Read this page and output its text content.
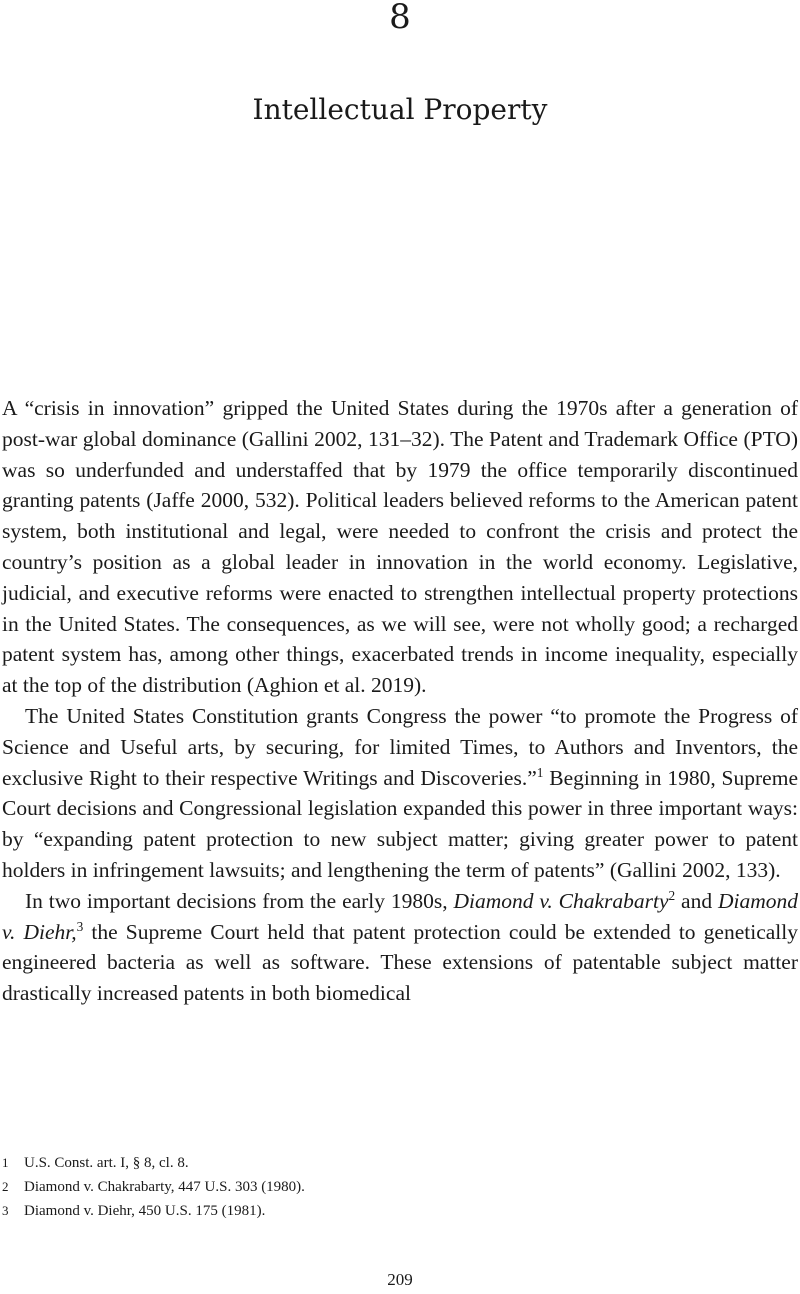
8
Intellectual Property

A “crisis in innovation” gripped the United States during the 1970s after a generation of post-war global dominance (Gallini 2002, 131–32). The Patent and Trademark Office (PTO) was so underfunded and understaffed that by 1979 the office temporarily discontinued granting patents (Jaffe 2000, 532). Political leaders believed reforms to the American patent system, both institutional and legal, were needed to confront the crisis and protect the country’s position as a global leader in innovation in the world economy. Legislative, judicial, and executive reforms were enacted to strengthen intellectual property protections in the United States. The consequences, as we will see, were not wholly good; a recharged patent system has, among other things, exacerbated trends in income inequality, especially at the top of the distribution (Aghion et al. 2019).

The United States Constitution grants Congress the power “to promote the Progress of Science and Useful arts, by securing, for limited Times, to Authors and Inventors, the exclusive Right to their respective Writings and Discoveries.”$^1$ Beginning in 1980, Supreme Court decisions and Congressional legislation expanded this power in three important ways: by “expanding patent protection to new subject matter; giving greater power to patent holders in infringement lawsuits; and lengthening the term of patents” (Gallini 2002, 133).

In two important decisions from the early 1980s, Diamond v. Chakrabarty$^2$ and Diamond v. Diehr,$^3$ the Supreme Court held that patent protection could be extended to genetically engineered bacteria as well as software. These extensions of patentable subject matter drastically increased patents in both biomedical

1	U.S. Const. art. I, § 8, cl. 8.
2	Diamond v. Chakrabarty, 447 U.S. 303 (1980).
3	Diamond v. Diehr, 450 U.S. 175 (1981).
209
